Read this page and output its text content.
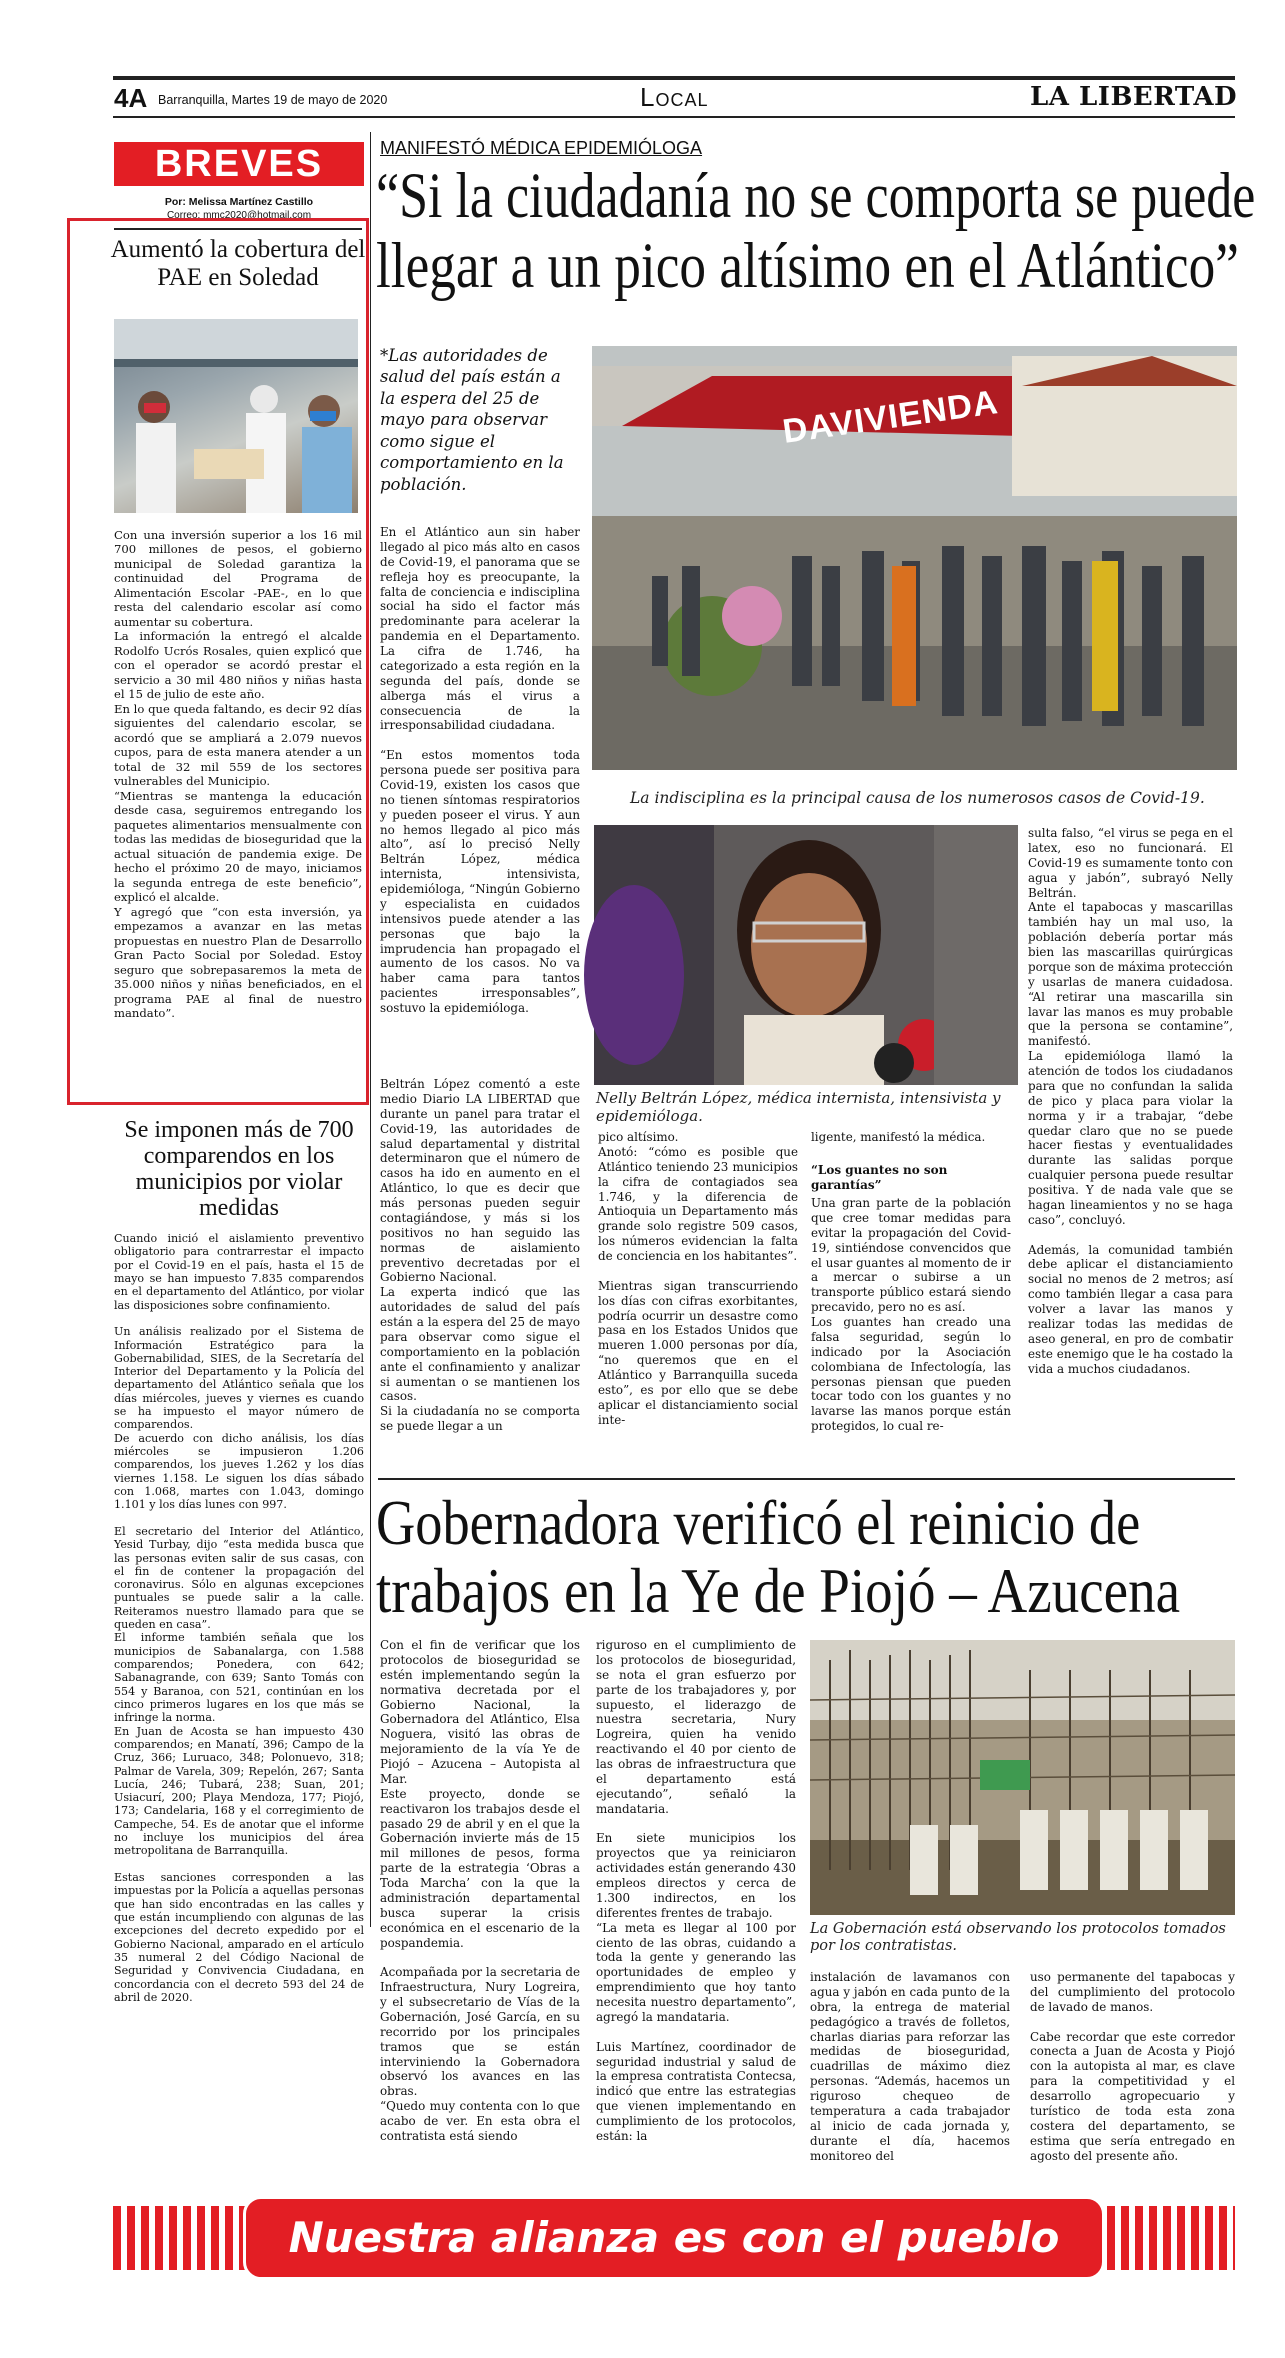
4A Barranquilla, Martes 19 de mayo de 2020	Local	LA LIBERTAD
BREVES
Por: Melissa Martínez Castillo
Correo: mmc2020@hotmail.com
Aumentó la cobertura del PAE en Soledad

Con una inversión superior a los 16 mil 700 millones de pesos, el gobierno municipal de Soledad garantiza la continuidad del Programa de Alimentación Escolar -PAE-, en lo que resta del calendario escolar así como aumentar su cobertura.
La información la entregó el alcalde Rodolfo Ucrós Rosales, quien explicó que con el operador se acordó prestar el servicio a 30 mil 480 niños y niñas hasta el 15 de julio de este año.
En lo que queda faltando, es decir 92 días siguientes del calendario escolar, se acordó que se ampliará a 2.079 nuevos cupos, para de esta manera atender a un total de 32 mil 559 de los sectores vulnerables del Municipio.
“Mientras se mantenga la educación desde casa, seguiremos entregando los paquetes alimentarios mensualmente con todas las medidas de bioseguridad que la actual situación de pandemia exige. De hecho el próximo 20 de mayo, iniciamos la segunda entrega de este beneficio”, explicó el alcalde.
Y agregó que “con esta inversión, ya empezamos a avanzar en las metas propuestas en nuestro Plan de Desarrollo Gran Pacto Social por Soledad. Estoy seguro que sobrepasaremos la meta de 35.000 niños y niñas beneficiados, en el programa PAE al final de nuestro mandato”.

Se imponen más de 700 comparendos en los municipios por violar medidas

Cuando inició el aislamiento preventivo obligatorio para contrarrestar el impacto por el Covid-19 en el país, hasta el 15 de mayo se han impuesto 7.835 comparendos en el departamento del Atlántico, por violar las disposiciones sobre confinamiento.

Un análisis realizado por el Sistema de Información Estratégico para la Gobernabilidad, SIES, de la Secretaría del Interior del Departamento y la Policía del departamento del Atlántico señala que los días miércoles, jueves y viernes es cuando se ha impuesto el mayor número de comparendos.
De acuerdo con dicho análisis, los días miércoles se impusieron 1.206 comparendos, los jueves 1.262 y los días viernes 1.158. Le siguen los días sábado con 1.068, martes con 1.043, domingo 1.101 y los días lunes con 997.

El secretario del Interior del Atlántico, Yesid Turbay, dijo “esta medida busca que las personas eviten salir de sus casas, con el fin de contener la propagación del coronavirus. Sólo en algunas excepciones puntuales se puede salir a la calle. Reiteramos nuestro llamado para que se queden en casa”.
El informe también señala que los municipios de Sabanalarga, con 1.588 comparendos; Ponedera, con 642; Sabanagrande, con 639; Santo Tomás con 554 y Baranoa, con 521, continúan en los cinco primeros lugares en los que más se infringe la norma.
En Juan de Acosta se han impuesto 430 comparendos; en Manatí, 396; Campo de la Cruz, 366; Luruaco, 348; Polonuevo, 318; Palmar de Varela, 309; Repelón, 267; Santa Lucía, 246; Tubará, 238; Suan, 201; Usiacurí, 200; Playa Mendoza, 177; Piojó, 173; Candelaria, 168 y el corregimiento de Campeche, 54. Es de anotar que el informe no incluye los municipios del área metropolitana de Barranquilla.

Estas sanciones corresponden a las impuestas por la Policía a aquellas personas que han sido encontradas en las calles y que están incumpliendo con algunas de las excepciones del decreto expedido por el Gobierno Nacional, amparado en el artículo 35 numeral 2 del Código Nacional de Seguridad y Convivencia Ciudadana, en concordancia con el decreto 593 del 24 de abril de 2020.

MANIFESTÓ MÉDICA EPIDEMIÓLOGA
“Si la ciudadanía no se comporta se puede
llegar a un pico altísimo en el Atlántico”
*Las autoridades de salud del país están a la espera del 25 de mayo para observar como sigue el comportamiento en la población.
DAVIVIENDA
La indisciplina es la principal causa de los numerosos casos de Covid-19.
Nelly Beltrán López, médica internista, intensivista y epidemióloga.

En el Atlántico aun sin haber llegado al pico más alto en casos de Covid-19, el panorama que se refleja hoy es preocupante, la falta de conciencia e indisciplina social ha sido el factor más predominante para acelerar la pandemia en el Departamento. La cifra de 1.746, ha categorizado a esta región en la segunda del país, donde se alberga más el virus a consecuencia de la irresponsabilidad ciudadana.

“En estos momentos toda persona puede ser positiva para Covid-19, existen los casos que no tienen síntomas respiratorios y pueden poseer el virus. Y aun no hemos llegado al pico más alto”, así lo precisó Nelly Beltrán López, médica internista, intensivista, epidemióloga, “Ningún Gobierno y especialista en cuidados intensivos puede atender a las personas que bajo la imprudencia han propagado el aumento de los casos. No va haber cama para tantos pacientes irresponsables”, sostuvo la epidemióloga.

Beltrán López comentó a este medio Diario LA LIBERTAD que durante un panel para tratar el Covid-19, las autoridades de salud departamental y distrital determinaron que el número de casos ha ido en aumento en el Atlántico, lo que es decir que más personas pueden seguir contagiándose, y más si los positivos no han seguido las normas de aislamiento preventivo decretadas por el Gobierno Nacional.
La experta indicó que las autoridades de salud del país están a la espera del 25 de mayo para observar como sigue el comportamiento en la población ante el confinamiento y analizar si aumentan o se mantienen los casos.
Si la ciudadanía no se comporta se puede llegar a un

pico altísimo.
Anotó: “cómo es posible que Atlántico teniendo 23 municipios la cifra de contagiados sea 1.746, y la diferencia de Antioquia un Departamento más grande solo registre 509 casos, los números evidencian la falta de conciencia en los habitantes”.

Mientras sigan transcurriendo los días con cifras exorbitantes, podría ocurrir un desastre como pasa en los Estados Unidos que mueren 1.000 personas por día, “no queremos que en el Atlántico y Barranquilla suceda esto”, es por ello que se debe aplicar el distanciamiento social inte-

ligente, manifestó la médica.

“Los guantes no son garantías”

Una gran parte de la población que cree tomar medidas para evitar la propagación del Covid-19, sintiéndose convencidos que el usar guantes al momento de ir a mercar o subirse a un transporte público estará siendo precavido, pero no es así.
Los guantes han creado una falsa seguridad, según lo indicado por la Asociación colombiana de Infectología, las personas piensan que pueden tocar todo con los guantes y no lavarse las manos porque están protegidos, lo cual re-

sulta falso, “el virus se pega en el latex, eso no funcionará. El Covid-19 es sumamente tonto con agua y jabón”, subrayó Nelly Beltrán.
Ante el tapabocas y mascarillas también hay un mal uso, la población debería portar más bien las mascarillas quirúrgicas porque son de máxima protección y usarlas de manera cuidadosa. “Al retirar una mascarilla sin lavar las manos es muy probable que la persona se contamine”, manifestó.
La epidemióloga llamó la atención de todos los ciudadanos para que no confundan la salida de pico y placa para violar la norma y ir a trabajar, “debe quedar claro que no se puede hacer fiestas y eventualidades durante las salidas porque cualquier persona puede resultar positiva. Y de nada vale que se hagan lineamientos y no se haga caso”, concluyó.

Además, la comunidad también debe aplicar el distanciamiento social no menos de 2 metros; así como también llegar a casa para volver a lavar las manos y realizar todas las medidas de aseo general, en pro de combatir este enemigo que le ha costado la vida a muchos ciudadanos.

Gobernadora verificó el reinicio de
trabajos en la Ye de Piojó – Azucena
La Gobernación está observando los protocolos tomados por los contratistas.

Con el fin de verificar que los protocolos de bioseguridad se estén implementando según la normativa decretada por el Gobierno Nacional, la Gobernadora del Atlántico, Elsa Noguera, visitó las obras de mejoramiento de la vía Ye de Piojó – Azucena – Autopista al Mar.
Este proyecto, donde se reactivaron los trabajos desde el pasado 29 de abril y en el que la Gobernación invierte más de 15 mil millones de pesos, forma parte de la estrategia ‘Obras a Toda Marcha’ con la que la administración departamental busca superar la crisis económica en el escenario de la pospandemia.

Acompañada por la secretaria de Infraestructura, Nury Logreira, y el subsecretario de Vías de la Gobernación, José García, en su recorrido por los principales tramos que se están interviniendo la Gobernadora observó los avances en las obras.
“Quedo muy contenta con lo que acabo de ver. En esta obra el contratista está siendo

riguroso en el cumplimiento de los protocolos de bioseguridad, se nota el gran esfuerzo por parte de los trabajadores y, por supuesto, el liderazgo de nuestra secretaria, Nury Logreira, quien ha venido reactivando el 40 por ciento de las obras de infraestructura que el departamento está ejecutando”, señaló la mandataria.

En siete municipios los proyectos que ya reiniciaron actividades están generando 430 empleos directos y cerca de 1.300 indirectos, en los diferentes frentes de trabajo.
“La meta es llegar al 100 por ciento de las obras, cuidando a toda la gente y generando las oportunidades de empleo y emprendimiento que hoy tanto necesita nuestro departamento”, agregó la mandataria.

Luis Martínez, coordinador de seguridad industrial y salud de la empresa contratista Contecsa, indicó que entre las estrategias que vienen implementando en cumplimiento de los protocolos, están: la

instalación de lavamanos con agua y jabón en cada punto de la obra, la entrega de material pedagógico a través de folletos, charlas diarias para reforzar las medidas de bioseguridad, cuadrillas de máximo diez personas. “Además, hacemos un riguroso chequeo de temperatura a cada trabajador al inicio de cada jornada y, durante el día, hacemos monitoreo del

uso permanente del tapabocas y del cumplimiento del protocolo de lavado de manos.

Cabe recordar que este corredor conecta a Juan de Acosta y Piojó con la autopista al mar, es clave para la competitividad y el desarrollo agropecuario y turístico de toda esta zona costera del departamento, se estima que sería entregado en agosto del presente año.

Nuestra alianza es con el pueblo
